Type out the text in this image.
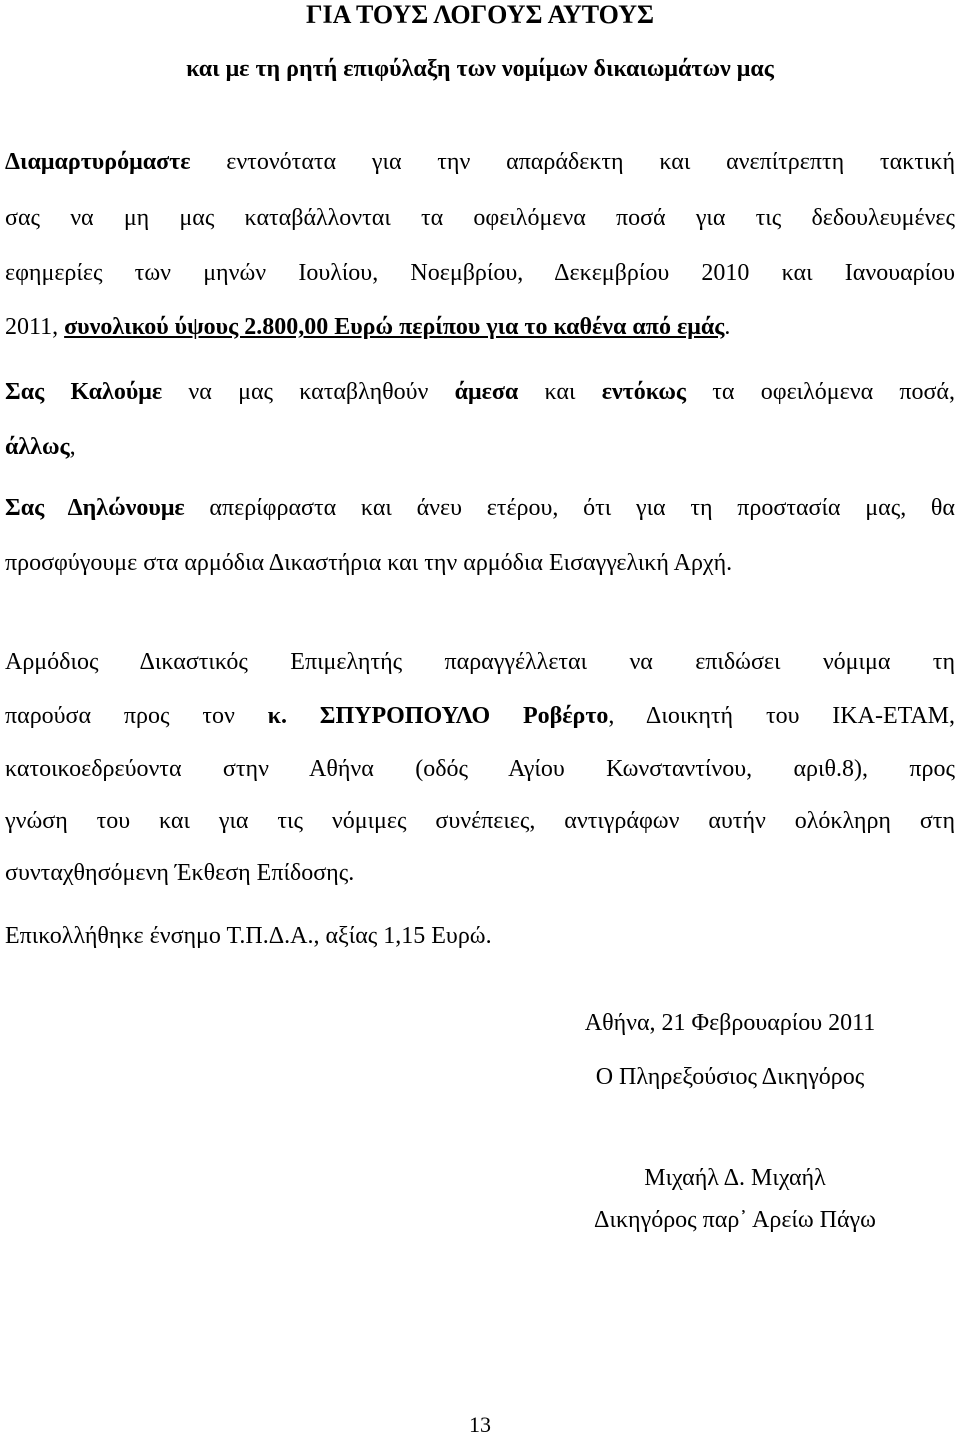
ΓΙΑ ΤΟΥΣ ΛΟΓΟΥΣ ΑΥΤΟΥΣ
και με τη ρητή επιφύλαξη των νομίμων δικαιωμάτων μας
Διαμαρτυρόμαστε εντονότατα για την απαράδεκτη και ανεπίτρεπτη τακτική
σας να μη μας καταβάλλονται τα οφειλόμενα ποσά για τις δεδουλευμένες
εφημερίες των μηνών Ιουλίου, Νοεμβρίου, Δεκεμβρίου 2010 και Ιανουαρίου
2011, συνολικού ύψους 2.800,00 Ευρώ περίπου για το καθένα από εμάς.
Σας Καλούμε να μας καταβληθούν άμεσα και εντόκως τα οφειλόμενα ποσά,
άλλως,
Σας Δηλώνουμε απερίφραστα και άνευ ετέρου, ότι για τη προστασία μας, θα
προσφύγουμε στα αρμόδια Δικαστήρια και την αρμόδια Εισαγγελική Αρχή.
Αρμόδιος Δικαστικός Επιμελητής παραγγέλλεται να επιδώσει νόμιμα τη
παρούσα προς τον κ. ΣΠΥΡΟΠΟΥΛΟ Ροβέρτο, Διοικητή του ΙΚΑ-ΕΤΑΜ,
κατοικοεδρεύοντα στην Αθήνα (οδός Αγίου Κωνσταντίνου, αριθ.8), προς
γνώση του και για τις νόμιμες συνέπειες, αντιγράφων αυτήν ολόκληρη στη
συνταχθησόμενη Έκθεση Επίδοσης.
Επικολλήθηκε ένσημο Τ.Π.Δ.Α., αξίας 1,15 Ευρώ.
Αθήνα, 21 Φεβρουαρίου 2011
Ο Πληρεξούσιος Δικηγόρος
Μιχαήλ Δ. Μιχαήλ
Δικηγόρος παρ᾽ Αρείω Πάγω
13
